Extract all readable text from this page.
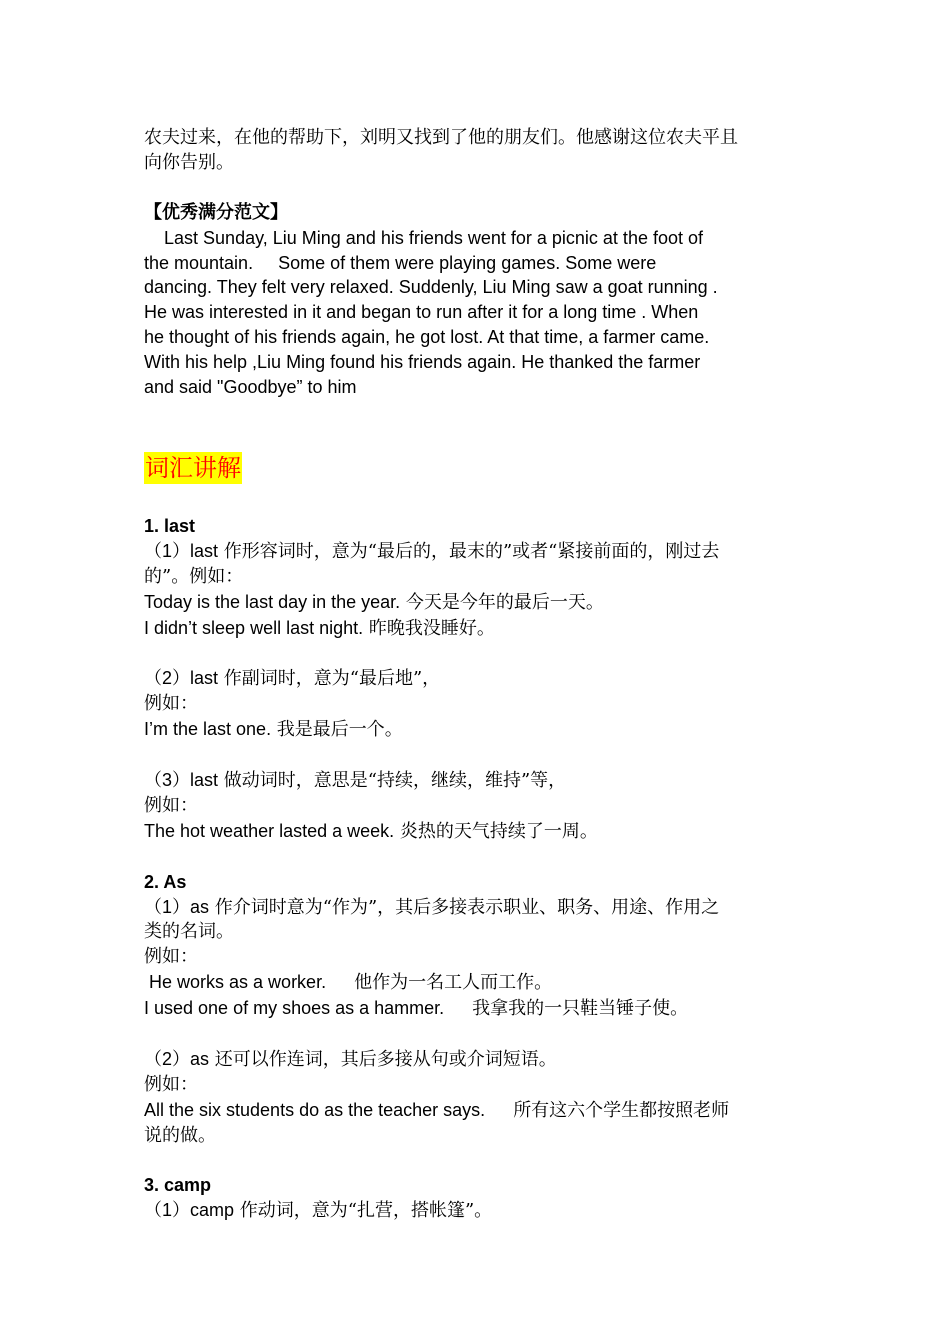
农夫过来，在他的帮助下，刘明又找到了他的朋友们。他感谢这位农夫平且

向你告别。

【优秀满分范文】

Last Sunday, Liu Ming and his friends went for a picnic at the foot of

the mountain.     Some of them were playing games. Some were

dancing. They felt very relaxed. Suddenly, Liu Ming saw a goat running .

He was interested in it and began to run after it for a long time . When

he thought of his friends again, he got lost. At that time, a farmer came.

With his help ,Liu Ming found his friends again. He thanked the farmer

and said "Goodbye” to him

词汇讲解

1. last

（1）last 作形容词时，意为“最后的，最末的”或者“紧接前面的，刚过去

的”。例如：

Today is the last day in the year. 今天是今年的最后一天。

I didn’t sleep well last night. 昨晚我没睡好。

（2）last 作副词时，意为“最后地”，

例如：

I’m the last one. 我是最后一个。

（3）last 做动词时，意思是“持续，继续，维持”等，

例如：

The hot weather lasted a week. 炎热的天气持续了一周。

2. As

（1）as 作介词时意为“作为”，其后多接表示职业、职务、用途、作用之

类的名词。

例如：

He works as a worker. 他作为一名工人而工作。

I used one of my shoes as a hammer. 我拿我的一只鞋当锤子使。

（2）as 还可以作连词，其后多接从句或介词短语。

例如：

All the six students do as the teacher says. 所有这六个学生都按照老师

说的做。

3. camp

（1）camp 作动词，意为“扎营，搭帐篷”。
